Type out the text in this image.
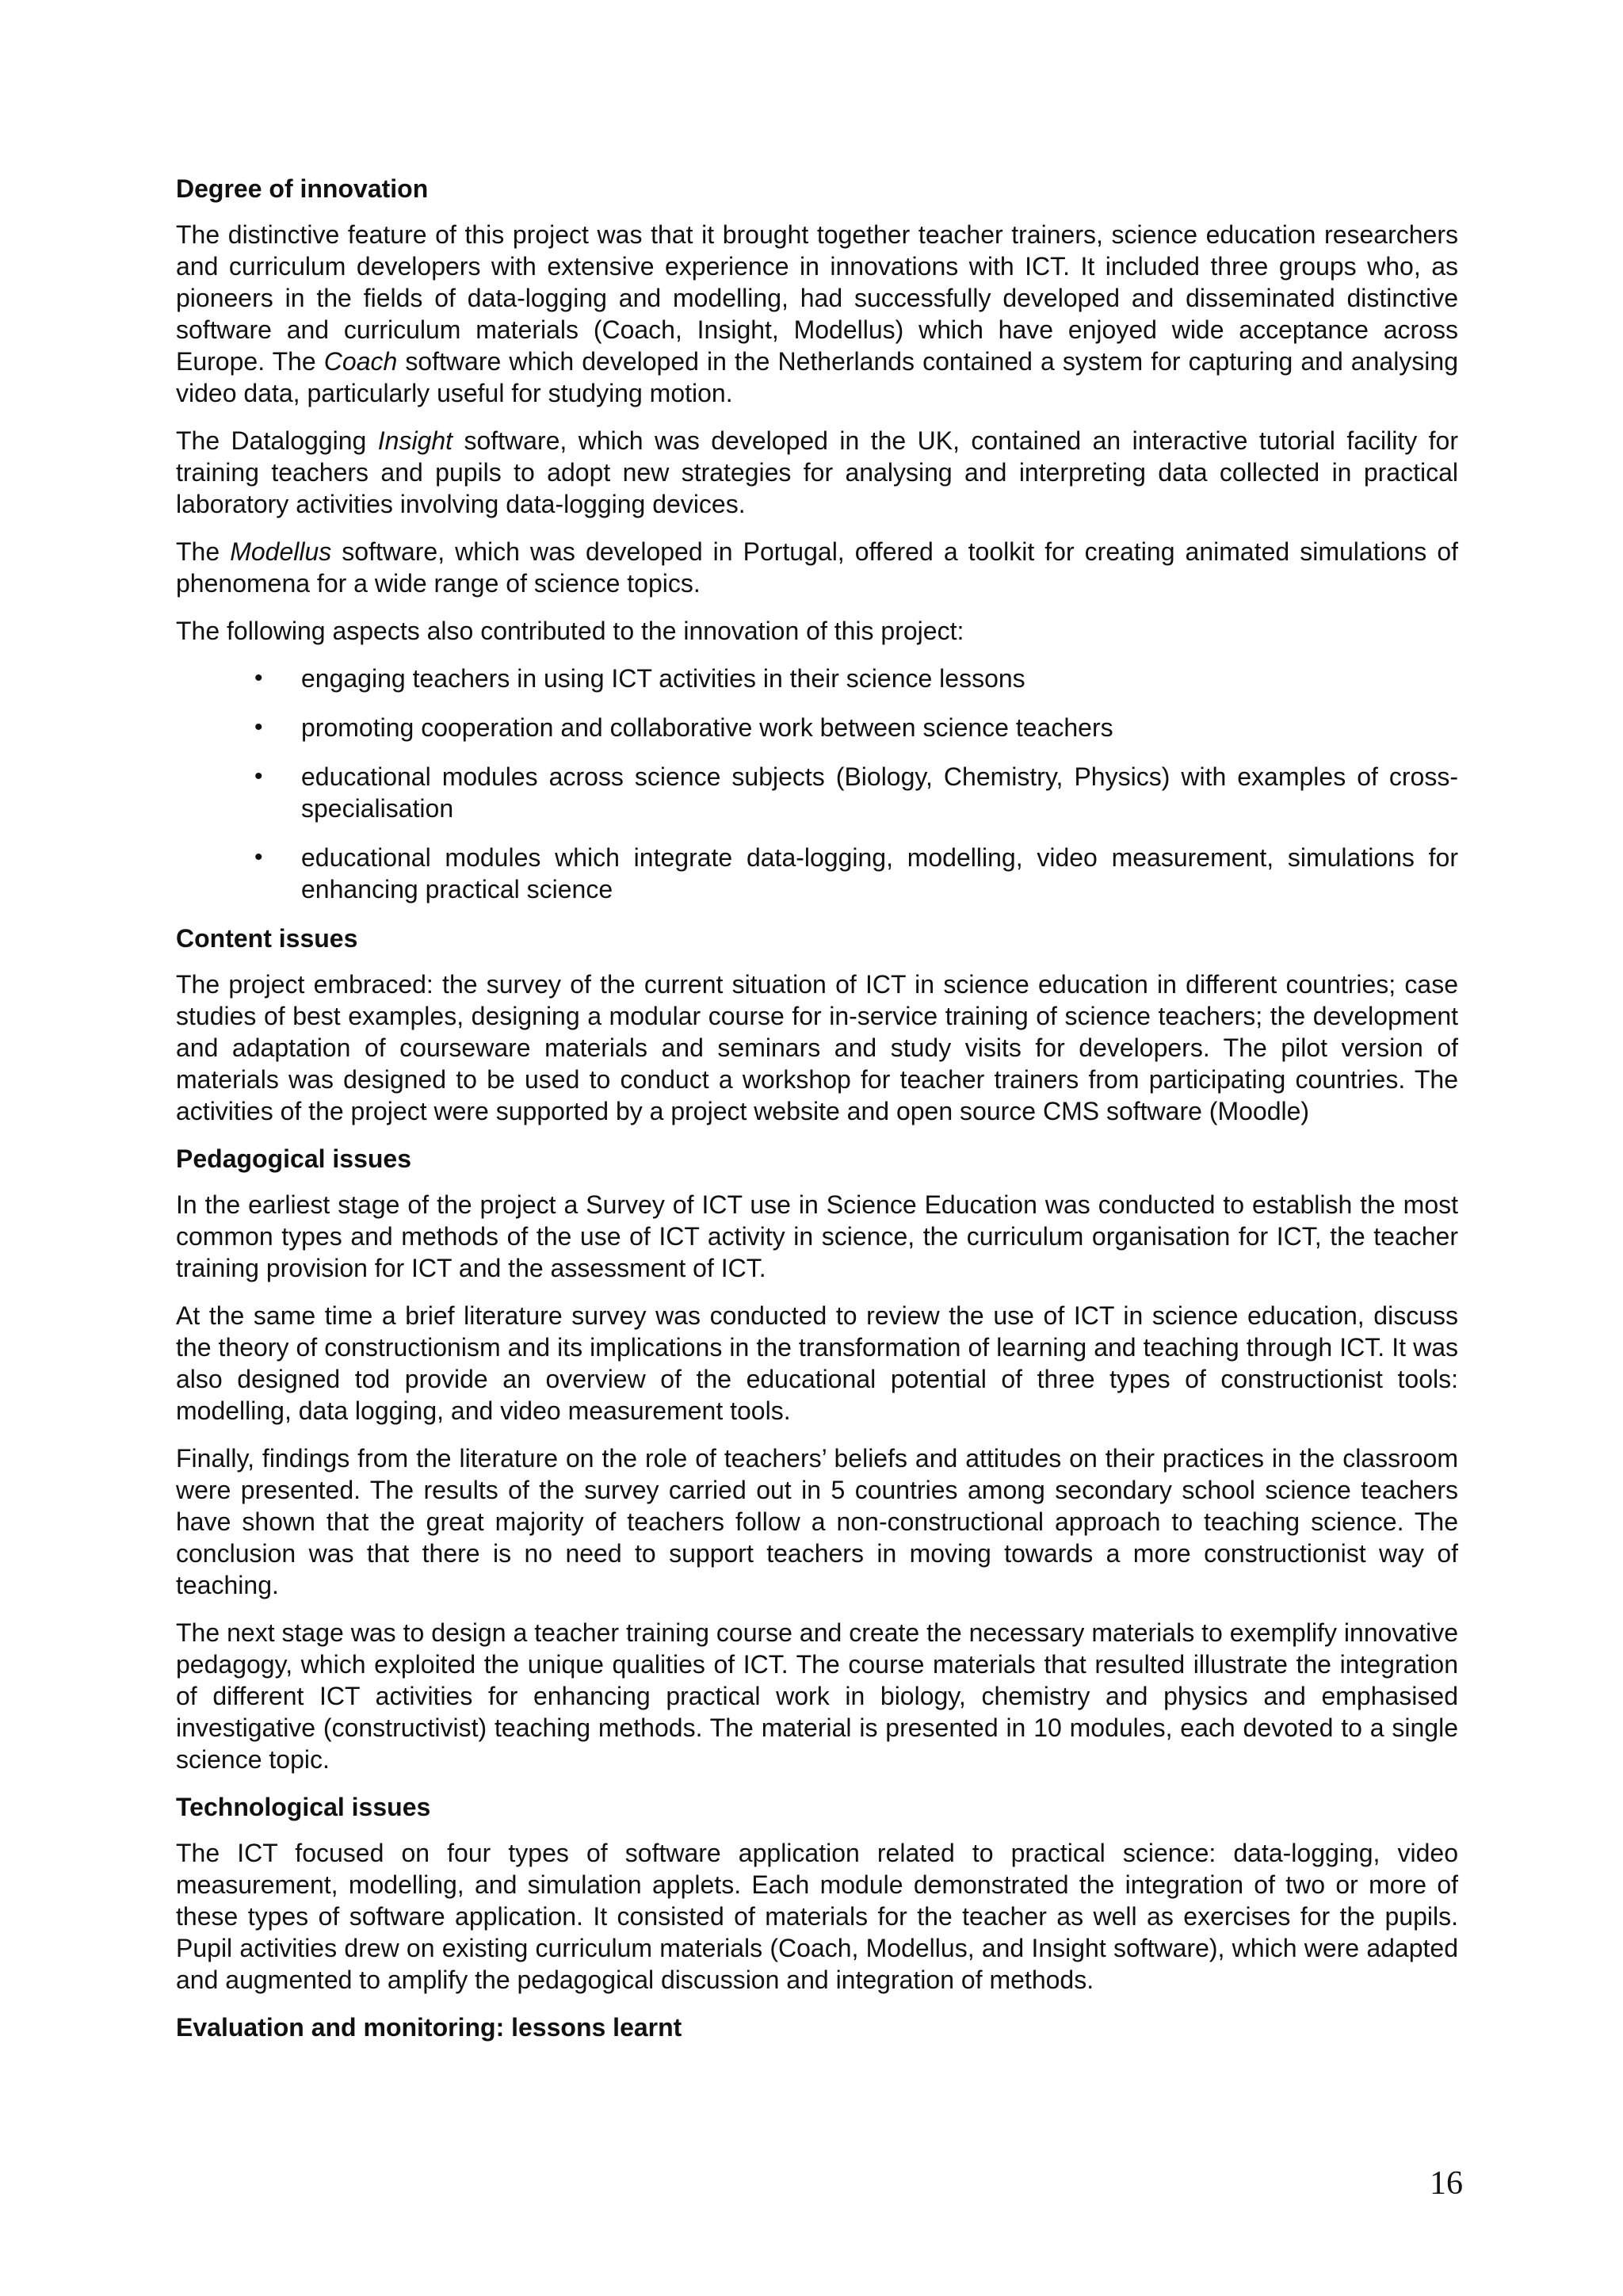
Degree of innovation

The distinctive feature of this project was that it brought together teacher trainers, science education researchers and curriculum developers with extensive experience in innovations with ICT. It included three groups who, as pioneers in the fields of data-logging and modelling, had successfully developed and disseminated distinctive software and curriculum materials (Coach, Insight, Modellus) which have enjoyed wide acceptance across Europe. The Coach software which developed in the Netherlands contained a system for capturing and analysing video data, particularly useful for studying motion.

The Datalogging Insight software, which was developed in the UK, contained an interactive tutorial facility for training teachers and pupils to adopt new strategies for analysing and interpreting data collected in practical laboratory activities involving data-logging devices.

The Modellus software, which was developed in Portugal, offered a toolkit for creating animated simulations of phenomena for a wide range of science topics.

The following aspects also contributed to the innovation of this project:

• engaging teachers in using ICT activities in their science lessons
• promoting cooperation and collaborative work between science teachers
• educational modules across science subjects (Biology, Chemistry, Physics) with examples of cross-specialisation
• educational modules which integrate data-logging, modelling, video measurement, simulations for enhancing practical science
Content issues

The project embraced: the survey of the current situation of ICT in science education in different countries; case studies of best examples, designing a modular course for in-service training of science teachers; the development and adaptation of courseware materials and seminars and study visits for developers. The pilot version of materials was designed to be used to conduct a workshop for teacher trainers from participating countries. The activities of the project were supported by a project website and open source CMS software (Moodle)

Pedagogical issues

In the earliest stage of the project a Survey of ICT use in Science Education was conducted to establish the most common types and methods of the use of ICT activity in science, the curriculum organisation for ICT, the teacher training provision for ICT and the assessment of ICT.

At the same time a brief literature survey was conducted to review the use of ICT in science education, discuss the theory of constructionism and its implications in the transformation of learning and teaching through ICT. It was also designed tod provide an overview of the educational potential of three types of constructionist tools: modelling, data logging, and video measurement tools.

Finally, findings from the literature on the role of teachers’ beliefs and attitudes on their practices in the classroom were presented. The results of the survey carried out in 5 countries among secondary school science teachers have shown that the great majority of teachers follow a non-constructional approach to teaching science. The conclusion was that there is no need to support teachers in moving towards a more constructionist way of teaching.

The next stage was to design a teacher training course and create the necessary materials to exemplify innovative pedagogy, which exploited the unique qualities of ICT. The course materials that resulted illustrate the integration of different ICT activities for enhancing practical work in biology, chemistry and physics and emphasised investigative (constructivist) teaching methods. The material is presented in 10 modules, each devoted to a single science topic.

Technological issues

The ICT focused on four types of software application related to practical science: data-logging, video measurement, modelling, and simulation applets. Each module demonstrated the integration of two or more of these types of software application. It consisted of materials for the teacher as well as exercises for the pupils. Pupil activities drew on existing curriculum materials (Coach, Modellus, and Insight software), which were adapted and augmented to amplify the pedagogical discussion and integration of methods.

Evaluation and monitoring: lessons learnt
16
